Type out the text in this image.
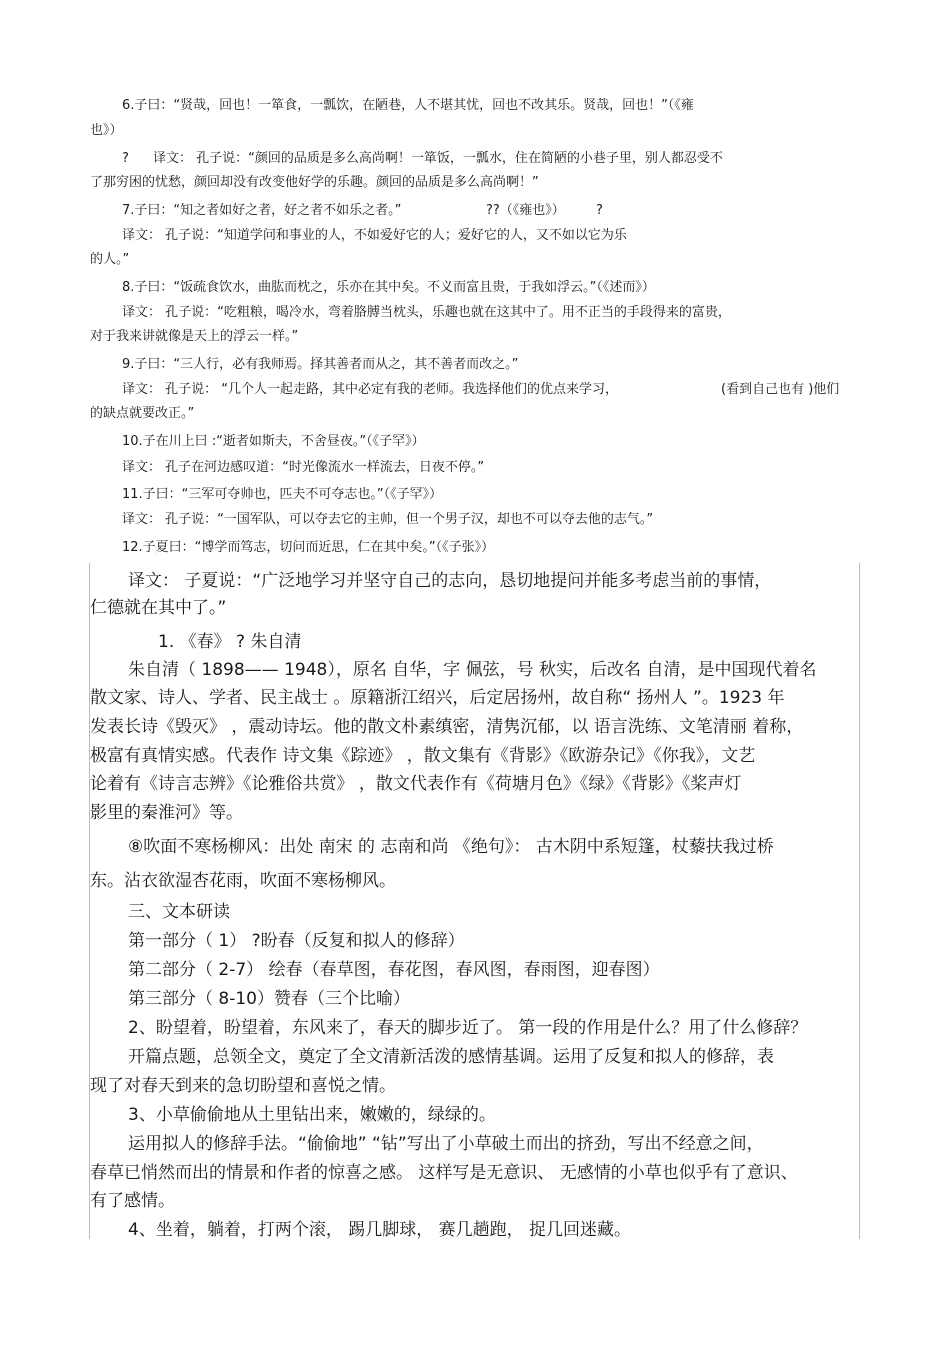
6.子曰：“贤哉，回也！一箪食，一瓢饮，在陋巷，人不堪其忧，回也不改其乐。贤哉，回也！”（《雍
也》）
? 译文： 孔子说：“颜回的品质是多么高尚啊！一箪饭，一瓢水，住在简陋的小巷子里，别人都忍受不
了那穷困的忧愁，颜回却没有改变他好学的乐趣。颜回的品质是多么高尚啊！”
7.子曰：“知之者如好之者，好之者不如乐之者。”	??（《雍也》） ?
译文： 孔子说：“知道学问和事业的人，不如爱好它的人；爱好它的人，又不如以它为乐
的人。”
8.子曰：“饭疏食饮水，曲肱而枕之，乐亦在其中矣。不义而富且贵，于我如浮云。”（《述而》）
译文： 孔子说：“吃粗粮，喝冷水，弯着胳膊当枕头，乐趣也就在这其中了。用不正当的手段得来的富贵，
对于我来讲就像是天上的浮云一样。”
9.子曰：“三人行，必有我师焉。择其善者而从之，其不善者而改之。”
译文： 孔子说： “几个人一起走路，其中必定有我的老师。我选择他们的优点来学习，	(看到自己也有 )他们
的缺点就要改正。”
10.子在川上曰 :“逝者如斯夫，不舍昼夜。”（《子罕》）
译文： 孔子在河边感叹道：“时光像流水一样流去，日夜不停。”
11.子曰：“三军可夺帅也，匹夫不可夺志也。”（《子罕》）
译文： 孔子说：“一国军队，可以夺去它的主帅，但一个男子汉，却也不可以夺去他的志气。”
12.子夏曰：“博学而笃志，切问而近思，仁在其中矣。”（《子张》）
译文： 子夏说：“广泛地学习并坚守自己的志向，恳切地提问并能多考虑当前的事情，
仁德就在其中了。”
1. 《春》 ? 朱自清
朱自清（ 1898—— 1948），原名 自华，字 佩弦，号 秋实，后改名 自清，是中国现代着名
散文家、诗人、学者、民主战士 。原籍浙江绍兴，后定居扬州，故自称“ 扬州人 ”。1923 年
发表长诗《毁灭》 ，震动诗坛。他的散文朴素缜密，清隽沉郁，以 语言洗练、文笔清丽 着称，
极富有真情实感。代表作 诗文集《踪迹》 ，散文集有《背影》《欧游杂记》《你我》，文艺
论着有《诗言志辨》《论雅俗共赏》 ，散文代表作有《荷塘月色》《绿》《背影》《桨声灯
影里的秦淮河》等。
⑧吹面不寒杨柳风：出处 南宋 的 志南和尚 《绝句》： 古木阴中系短篷，杖藜扶我过桥
东。沾衣欲湿杏花雨，吹面不寒杨柳风。
三、文本研读
第一部分（ 1） ?盼春（反复和拟人的修辞）
第二部分（ 2-7） 绘春（春草图，春花图，春风图，春雨图，迎春图）
第三部分（ 8-10）赞春（三个比喻）
2、盼望着，盼望着，东风来了，春天的脚步近了。 第一段的作用是什么？用了什么修辞？
开篇点题，总领全文，奠定了全文清新活泼的感情基调。运用了反复和拟人的修辞，表
现了对春天到来的急切盼望和喜悦之情。
3、小草偷偷地从土里钻出来，嫩嫩的，绿绿的。
运用拟人的修辞手法。“偷偷地” “钻”写出了小草破土而出的挤劲，写出不经意之间，
春草已悄然而出的情景和作者的惊喜之感。 这样写是无意识、 无感情的小草也似乎有了意识、
有了感情。
4、坐着，躺着，打两个滚， 踢几脚球， 赛几趟跑， 捉几回迷藏。
